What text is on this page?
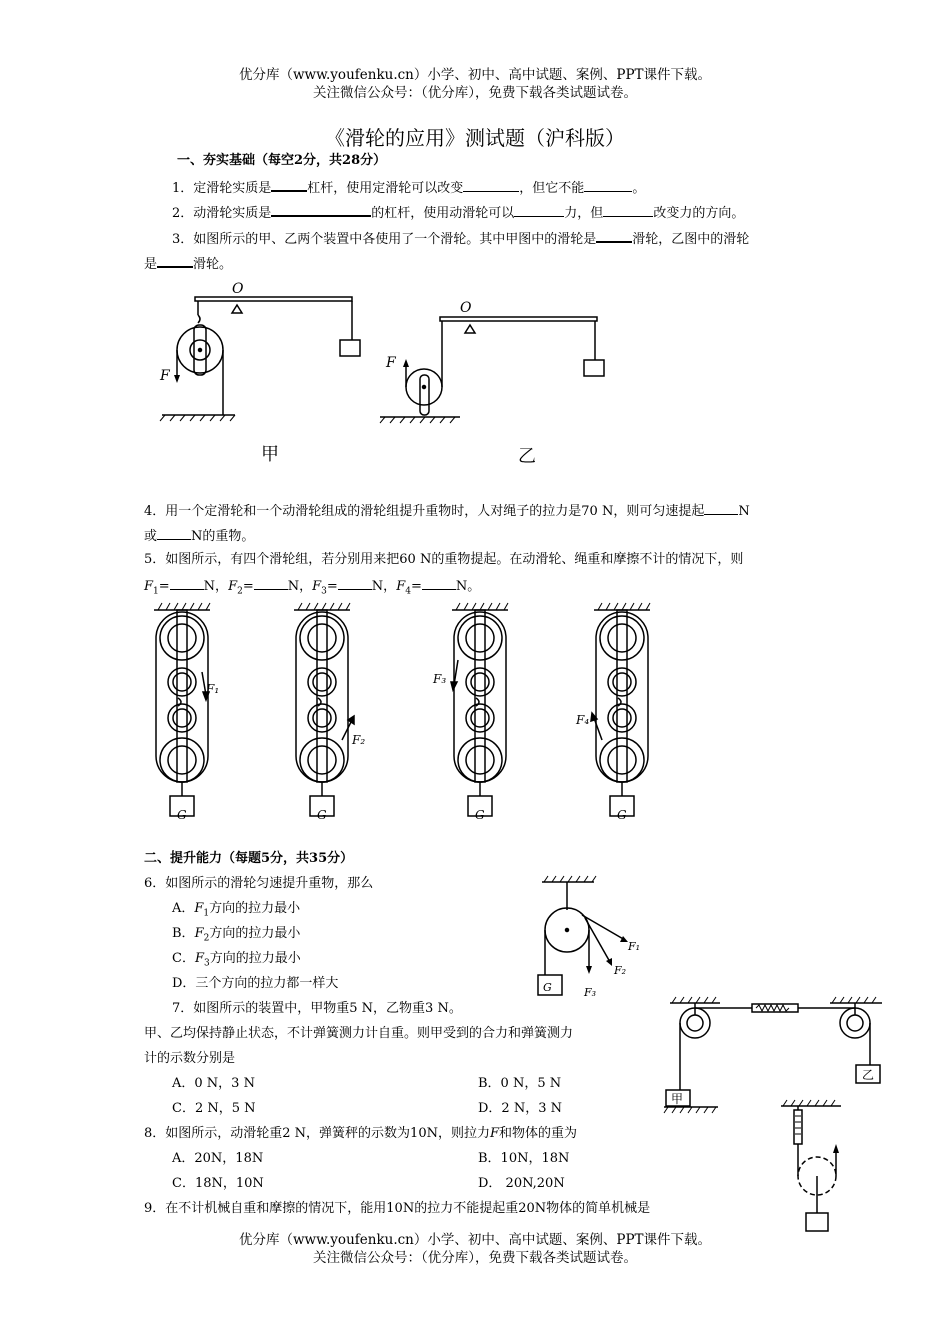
优分库（www.youfenku.cn）小学、初中、高中试题、案例、PPT课件下载。
关注微信公众号：（优分库），免费下载各类试题试卷。
《滑轮的应用》测试题（沪科版）
一、夯实基础（每空2分，共28分）
1．定滑轮实质是	杠杆，使用定滑轮可以改变	，但它不能	。
2．动滑轮实质是	的杠杆，使用动滑轮可以	力，但	改变力的方向。
3．如图所示的甲、乙两个装置中各使用了一个滑轮。其中甲图中的滑轮是	滑轮，乙图中的滑轮
是	滑轮。
O
O
F
F
甲	乙
4．用一个定滑轮和一个动滑轮组成的滑轮组提升重物时，人对绳子的拉力是70 N，则可匀速提起	N
或	N的重物。
5．如图所示，有四个滑轮组，若分别用来把60 N的重物提起。在动滑轮、绳重和摩擦不计的情况下，则
$F_1=$	N，$F_2=$	N，$F_3=$	N，$F_4=$	N。
F₁
F₂
F₃
F₄
G	G	G	G
二、提升能力（每题5分，共35分）
6．如图所示的滑轮匀速提升重物，那么
A．$F_1$方向的拉力最小
B．$F_2$方向的拉力最小
C．$F_3$方向的拉力最小
D．三个方向的拉力都一样大	G
F₁
F₂
F₃
7．如图所示的装置中，甲物重5 N，乙物重3 N。
甲、乙均保持静止状态，不计弹簧测力计自重。则甲受到的合力和弹簧测力
计的示数分别是
A．0 N，3 N	B．0 N，5 N
C．2 N，5 N	D．2 N，3 N
甲
乙
8．如图所示，动滑轮重2 N，弹簧秤的示数为10N，则拉力F和物体的重为
A．20N，18N	B．10N，18N
C．18N，10N	D． 20N,20N
9．在不计机械自重和摩擦的情况下，能用10N的拉力不能提起重20N物体的简单机械是
优分库（www.youfenku.cn）小学、初中、高中试题、案例、PPT课件下载。
关注微信公众号：（优分库），免费下载各类试题试卷。
